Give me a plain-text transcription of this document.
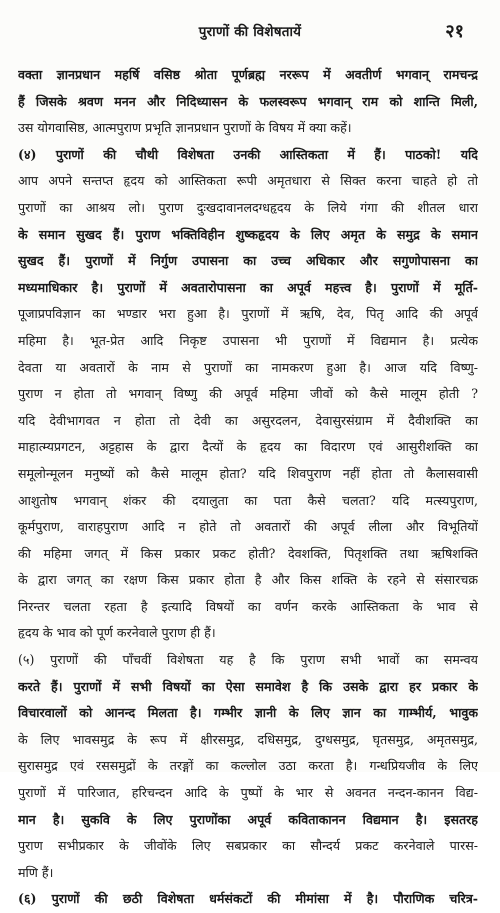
पुराणों की विशेषतायें	२१
वक्ता ज्ञानप्रधान महर्षि वसिष्ठ श्रोता पूर्णब्रह्म नररूप में अवतीर्ण भगवान् रामचन्द्र
हैं जिसके श्रवण मनन और निदिध्यासन के फलस्वरूप भगवान् राम को शान्ति मिली,
उस योगवासिष्ठ, आत्मपुराण प्रभृति ज्ञानप्रधान पुराणों के विषय में क्या कहें।
(४) पुराणों की चौथी विशेषता उनकी आस्तिकता में हैं। पाठको! यदि
आप अपने सन्तप्त हृदय को आस्तिकता रूपी अमृतधारा से सिक्त करना चाहते हो तो
पुराणों का आश्रय लो। पुराण दुःखदावानलदग्धहृदय के लिये गंगा की शीतल धारा
के समान सुखद हैं। पुराण भक्तिविहीन शुष्कहृदय के लिए अमृत के समुद्र के समान
सुखद हैं। पुराणों में निर्गुण उपासना का उच्च अधिकार और सगुणोपासना का
मध्यमाधिकार है। पुराणों में अवतारोपासना का अपूर्व महत्त्व है। पुराणों में मूर्ति-
पूजाप्रपविज्ञान का भण्डार भरा हुआ है। पुराणों में ऋषि, देव, पितृ आदि की अपूर्व
महिमा है। भूत-प्रेत आदि निकृष्ट उपासना भी पुराणों में विद्यमान है। प्रत्येक
देवता या अवतारों के नाम से पुराणों का नामकरण हुआ है। आज यदि विष्णु-
पुराण न होता तो भगवान् विष्णु की अपूर्व महिमा जीवों को कैसे मालूम होती ?
यदि देवीभागवत न होता तो देवी का असुरदलन, देवासुरसंग्राम में दैवीशक्ति का
माहात्म्यप्रगटन, अट्टहास के द्वारा दैत्यों के हृदय का विदारण एवं आसुरीशक्ति का
समूलोन्मूलन मनुष्यों को कैसे मालूम होता? यदि शिवपुराण नहीं होता तो कैलासवासी
आशुतोष भगवान् शंकर की दयालुता का पता कैसे चलता? यदि मत्स्यपुराण,
कूर्मपुराण, वाराहपुराण आदि न होते तो अवतारों की अपूर्व लीला और विभूतियों
की महिमा जगत् में किस प्रकार प्रकट होती? देवशक्ति, पितृशक्ति तथा ऋषिशक्ति
के द्वारा जगत् का रक्षण किस प्रकार होता है और किस शक्ति के रहने से संसारचक्र
निरन्तर चलता रहता है इत्यादि विषयों का वर्णन करके आस्तिकता के भाव से
हृदय के भाव को पूर्ण करनेवाले पुराण ही हैं।
(५) पुराणों की पाँचवीं विशेषता यह है कि पुराण सभी भावों का समन्वय
करते हैं। पुराणों में सभी विषयों का ऐसा समावेश है कि उसके द्वारा हर प्रकार के
विचारवालों को आनन्द मिलता है। गम्भीर ज्ञानी के लिए ज्ञान का गाम्भीर्य, भावुक
के लिए भावसमुद्र के रूप में क्षीरसमुद्र, दधिसमुद्र, दुग्धसमुद्र, घृतसमुद्र, अमृतसमुद्र,
सुरासमुद्र एवं रससमुद्रों के तरङ्गों का कल्लोल उठा करता है। गन्धप्रियजीव के लिए
पुराणों में पारिजात, हरिचन्दन आदि के पुष्पों के भार से अवनत नन्दन-कानन विद्य-
मान है। सुकवि के लिए पुराणोंका अपूर्व कविताकानन विद्यमान है। इसतरह
पुराण सभीप्रकार के जीवोंके लिए सबप्रकार का सौन्दर्य प्रकट करनेवाले पारस-
मणि हैं।
(६) पुराणों की छठी विशेषता धर्मसंकटों की मीमांसा में है। पौराणिक चरित्र-
